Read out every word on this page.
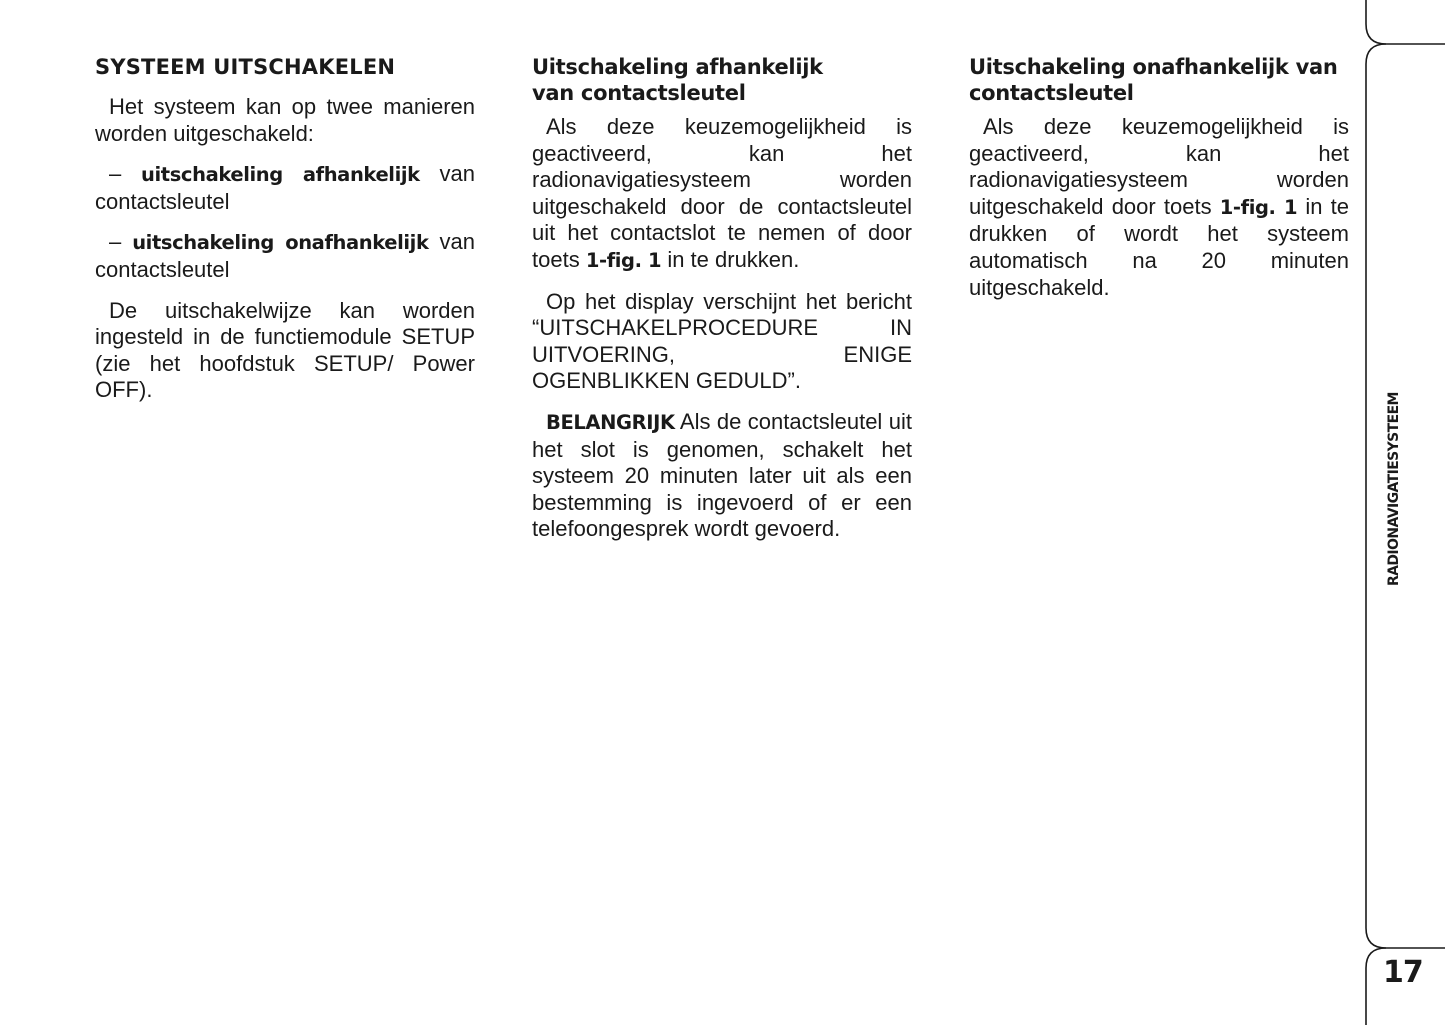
SYSTEEM UITSCHAKELEN

Het systeem kan op twee manieren worden uitgeschakeld:

– uitschakeling afhankelijk van contactsleutel

– uitschakeling onafhankelijk van contactsleutel

De uitschakelwijze kan worden ingesteld in de functiemodule SETUP (zie het hoofdstuk SETUP/ Power OFF).

Uitschakeling afhankelijk
van contactsleutel

Als deze keuzemogelijkheid is geactiveerd, kan het radionavigatiesysteem worden uitgeschakeld door de contactsleutel uit het contactslot te nemen of door toets 1-fig. 1 in te drukken.

Op het display verschijnt het bericht “UITSCHAKELPROCEDURE IN UITVOERING, ENIGE OGENBLIKKEN GEDULD”.

BELANGRIJK Als de contactsleutel uit het slot is genomen, schakelt het systeem 20 minuten later uit als een bestemming is ingevoerd of er een telefoongesprek wordt gevoerd.

Uitschakeling onafhankelijk van
contactsleutel

Als deze keuzemogelijkheid is geactiveerd, kan het radionavigatiesysteem worden uitgeschakeld door toets 1-fig. 1 in te drukken of wordt het systeem automatisch na 20 minuten uitgeschakeld.

RADIONAVIGATIESYSTEEM
17
